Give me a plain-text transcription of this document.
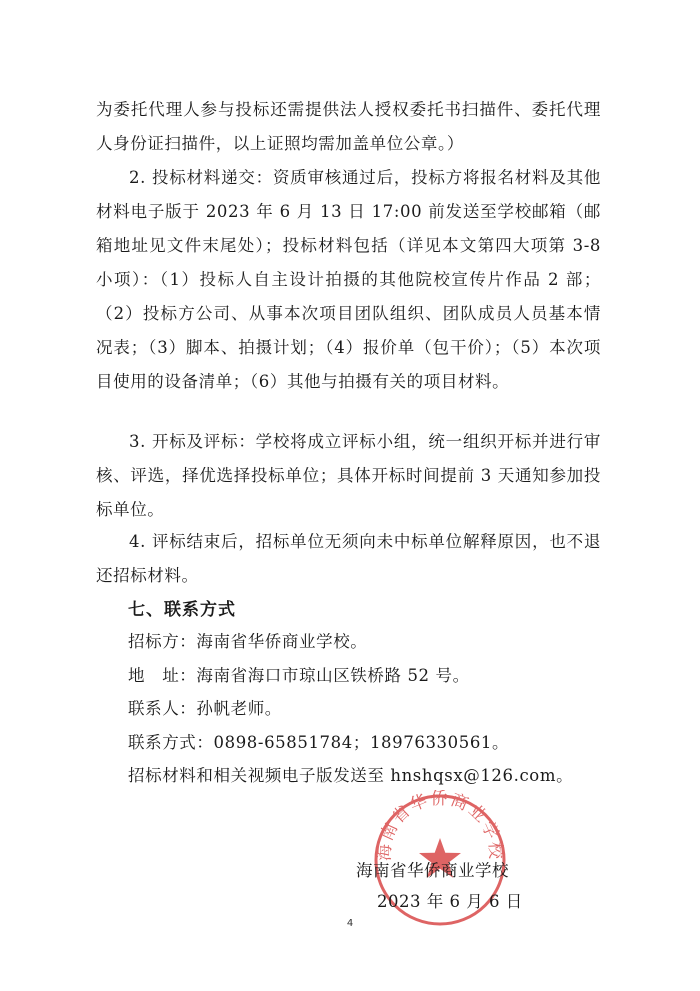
为委托代理人参与投标还需提供法人授权委托书扫描件、委托代理人身份证扫描件，以上证照均需加盖单位公章。）

2. 投标材料递交：资质审核通过后，投标方将报名材料及其他材料电子版于 2023 年 6 月 13 日 17:00 前发送至学校邮箱（邮箱地址见文件末尾处）；投标材料包括（详见本文第四大项第 3-8 小项）：（1）投标人自主设计拍摄的其他院校宣传片作品 2 部；（2）投标方公司、从事本次项目团队组织、团队成员人员基本情况表；（3）脚本、拍摄计划；（4）报价单（包干价）；（5）本次项目使用的设备清单；（6）其他与拍摄有关的项目材料。

3. 开标及评标：学校将成立评标小组，统一组织开标并进行审核、评选，择优选择投标单位；具体开标时间提前 3 天通知参加投标单位。

4. 评标结束后，招标单位无须向未中标单位解释原因，也不退还招标材料。

七、联系方式
招标方：海南省华侨商业学校。
地　址：海南省海口市琼山区铁桥路 52 号。
联系人：孙帆老师。
联系方式：0898-65851784；18976330561。
招标材料和相关视频电子版发送至 hnshqsx@126.com。
海南省华侨商业学校
海南省华侨商业学校
2023 年 6 月 6 日
4
